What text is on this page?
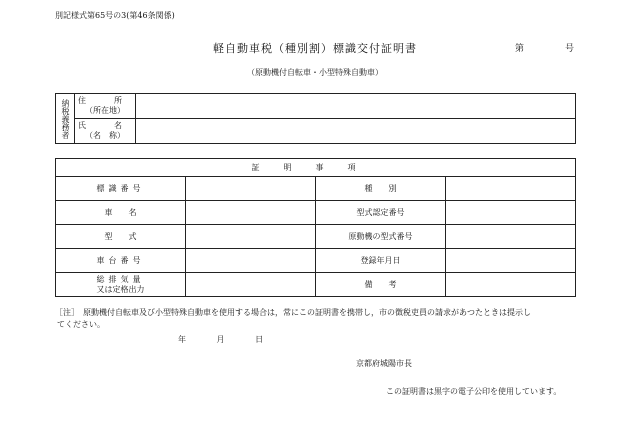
別記様式第65号の3(第46条関係)
軽自動車税（種別割）標識交付証明書	第	号
（原動機付自転車・小型特殊自動車）
納税義務者	住　所
（所在地）	

	氏　名
（名　称）	

証明事項			
標識番号		種　　別	
車　　名		型式認定番号	
型　　式		原動機の型式番号	
車台番号		登録年月日	

総排気量
又は定格出力		備　　考	
［注］　原動機付自転車及び小型特殊自動車を使用する場合は，常にこの証明書を携帯し，市の徴税吏員の請求があつたときは提示し
てください。
年	月	日
京都府城陽市長
この証明書は黒字の電子公印を使用しています。
